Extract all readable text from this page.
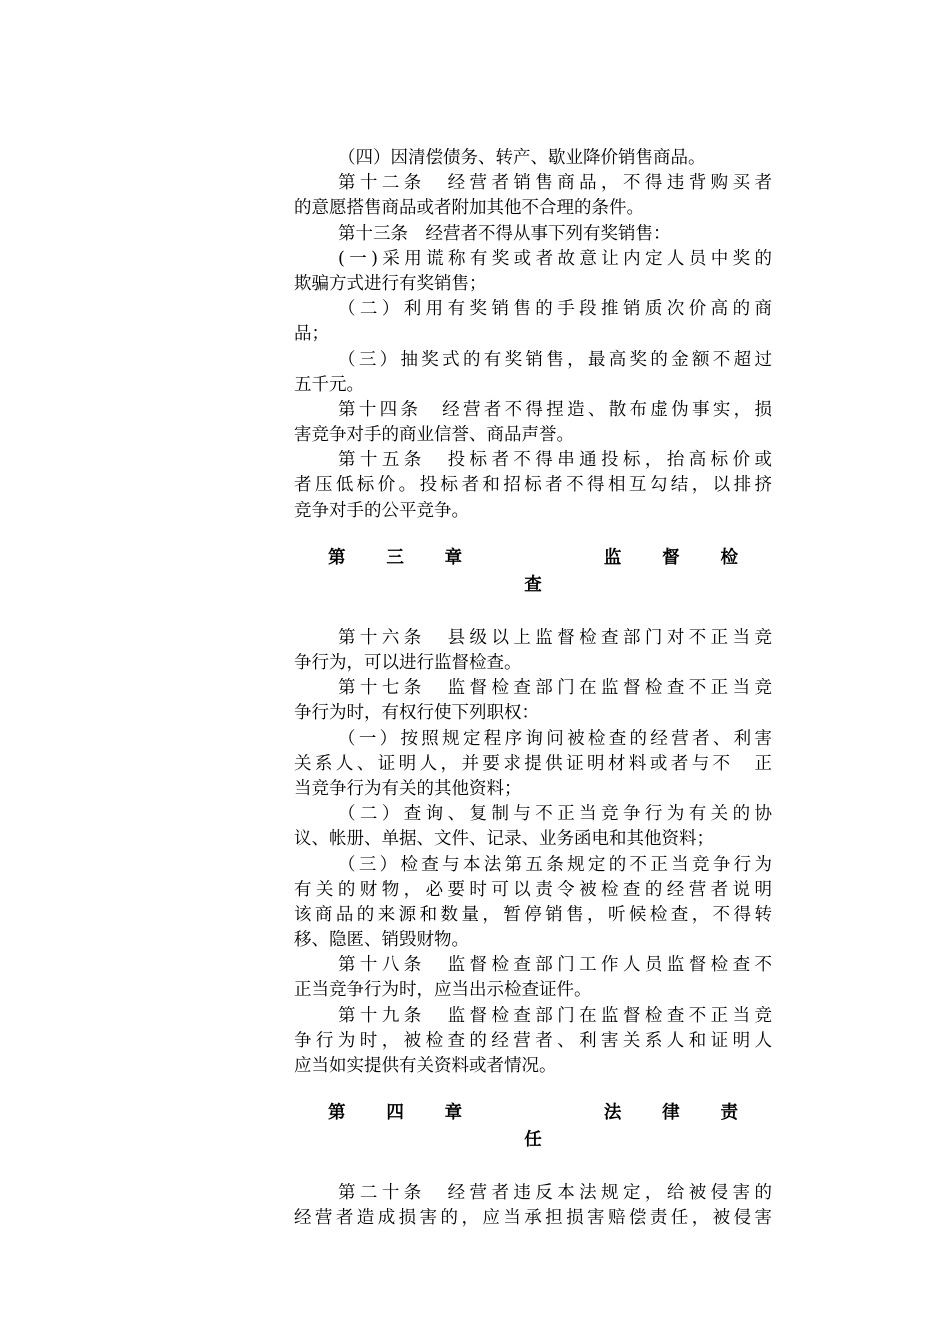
（四）因清偿债务、转产、歇业降价销售商品。
第十二条　经营者销售商品，不得违背购买者
的意愿搭售商品或者附加其他不合理的条件。
第十三条　经营者不得从事下列有奖销售：
(一)采用谎称有奖或者故意让内定人员中奖的
欺骗方式进行有奖销售；
（二）利用有奖销售的手段推销质次价高的商
品；
（三）抽奖式的有奖销售，最高奖的金额不超过
五千元。
第十四条　经营者不得捏造、散布虚伪事实，损
害竞争对手的商业信誉、商品声誉。
第十五条　投标者不得串通投标，抬高标价或
者压低标价。投标者和招标者不得相互勾结，以排挤
竞争对手的公平竞争。
第 三 章	监 督 检
查
第十六条　县级以上监督检查部门对不正当竞
争行为，可以进行监督检查。
第十七条　监督检查部门在监督检查不正当竞
争行为时，有权行使下列职权：
（一）按照规定程序询问被检查的经营者、利害
关系人、证明人，并要求提供证明材料或者与不　正
当竞争行为有关的其他资料；
（二）查询、复制与不正当竞争行为有关的协
议、帐册、单据、文件、记录、业务函电和其他资料；
（三）检查与本法第五条规定的不正当竞争行为
有关的财物，必要时可以责令被检查的经营者说明
该商品的来源和数量，暂停销售，听候检查，不得转
移、隐匿、销毁财物。
第十八条　监督检查部门工作人员监督检查不
正当竞争行为时，应当出示检查证件。
第十九条　监督检查部门在监督检查不正当竞
争行为时，被检查的经营者、利害关系人和证明人
应当如实提供有关资料或者情况。
第 四 章	法 律 责
任
第二十条　经营者违反本法规定，给被侵害的
经营者造成损害的，应当承担损害赔偿责任，被侵害
